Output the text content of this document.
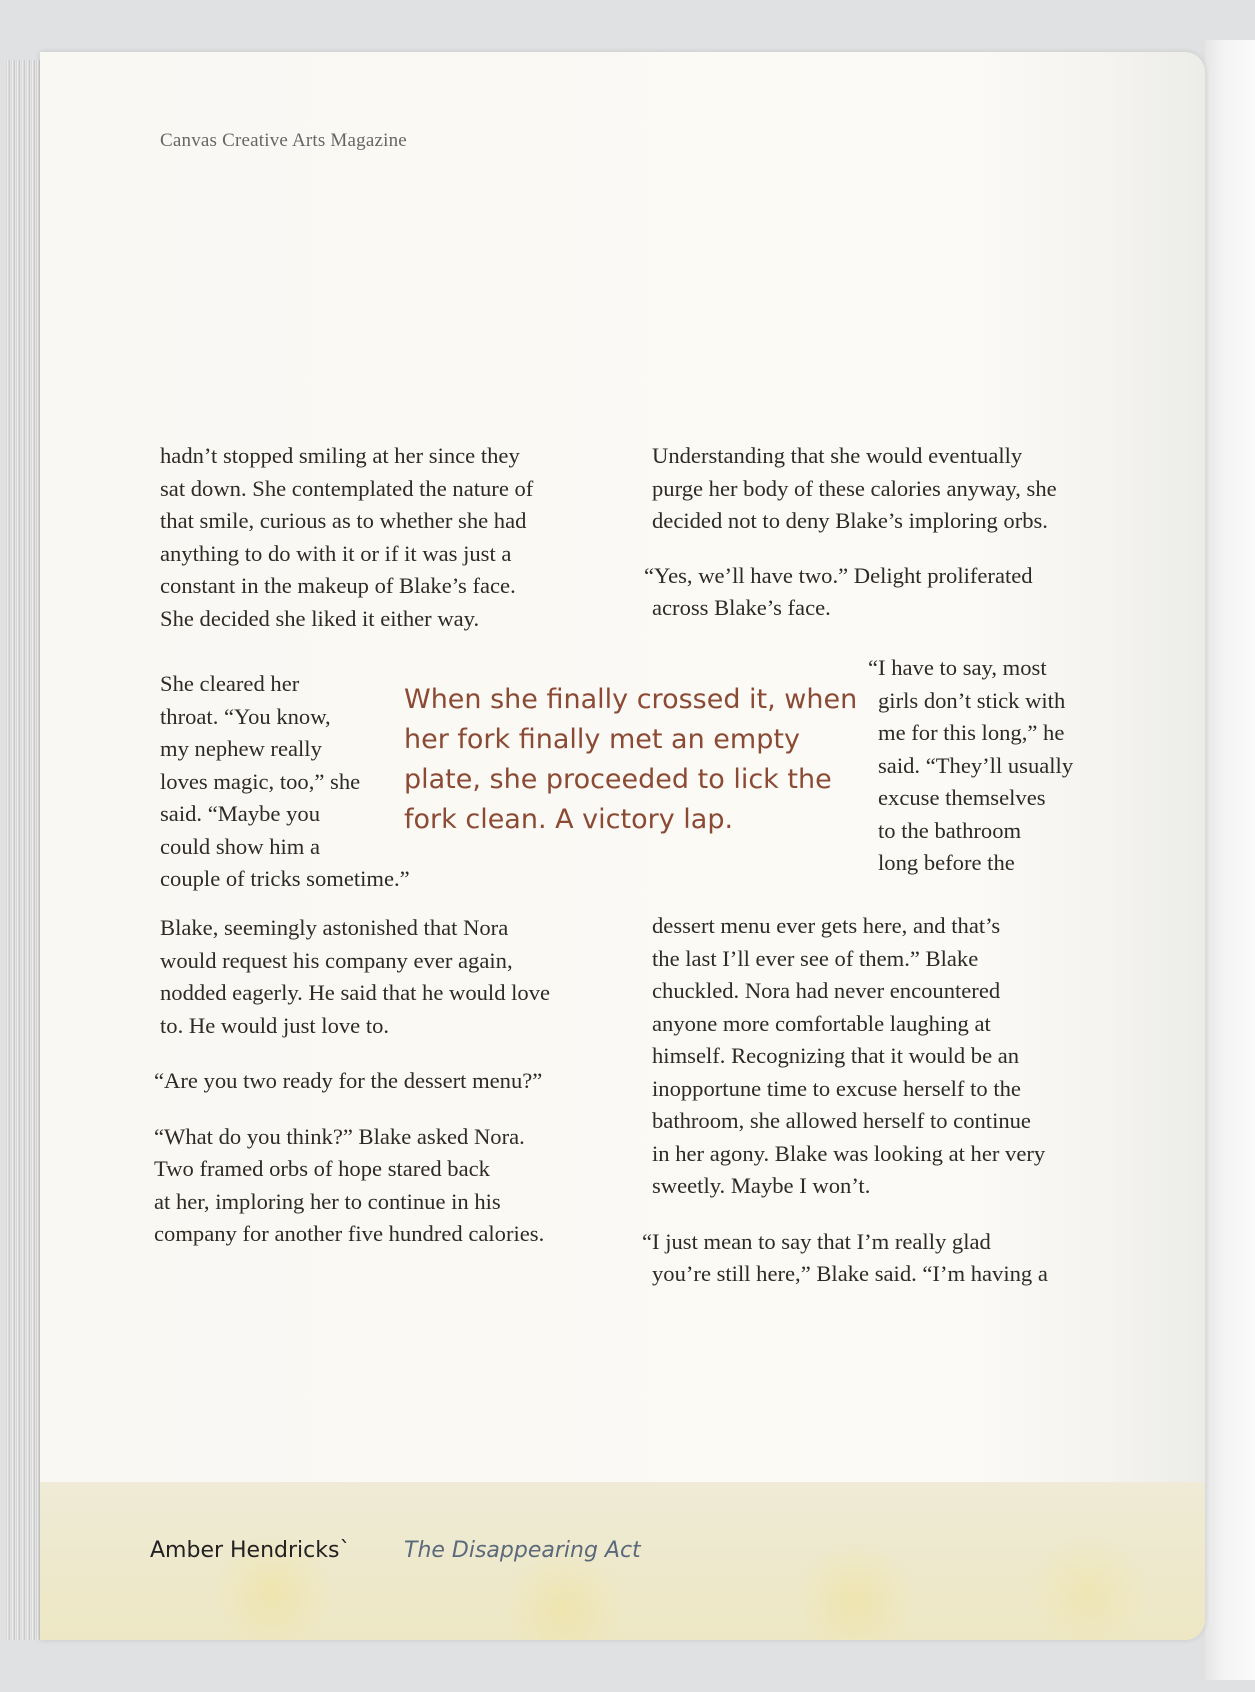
Canvas Creative Arts Magazine

hadn’t stopped smiling at her since they
sat down. She contemplated the nature of
that smile, curious as to whether she had
anything to do with it or if it was just a
constant in the makeup of Blake’s face.
She decided she liked it either way.

She cleared her
throat. “You know,
my nephew really
loves magic, too,” she
said. “Maybe you
could show him a
couple of tricks sometime.”
When she finally crossed it, when
her fork finally met an empty
plate, she proceeded to lick the
fork clean. A victory lap.

Blake, seemingly astonished that Nora
would request his company ever again,
nodded eagerly. He said that he would love
to. He would just love to.

“Are you two ready for the dessert menu?”

“What do you think?” Blake asked Nora.
Two framed orbs of hope stared back
at her, imploring her to continue in his
company for another five hundred calories.

Understanding that she would eventually
purge her body of these calories anyway, she
decided not to deny Blake’s imploring orbs.

“Yes, we’ll have two.” Delight proliferated
across Blake’s face.

“I have to say, most
girls don’t stick with
me for this long,” he
said. “They’ll usually
excuse themselves
to the bathroom
long before the

dessert menu ever gets here, and that’s
the last I’ll ever see of them.” Blake
chuckled. Nora had never encountered
anyone more comfortable laughing at
himself. Recognizing that it would be an
inopportune time to excuse herself to the
bathroom, she allowed herself to continue
in her agony. Blake was looking at her very
sweetly. Maybe I won’t.

“I just mean to say that I’m really glad
you’re still here,” Blake said. “I’m having a

Amber Hendricks` The Disappearing Act
